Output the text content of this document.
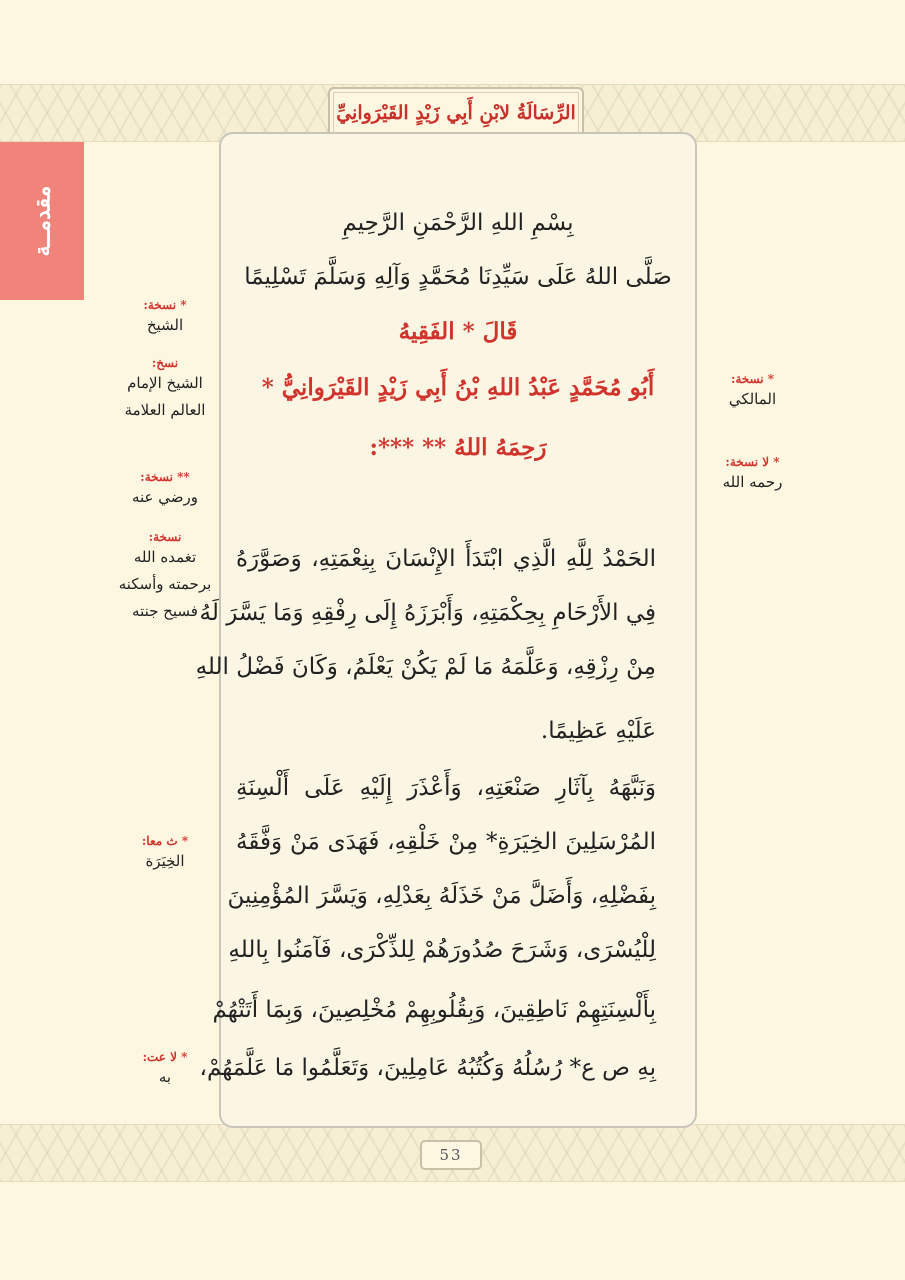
الرِّسَالَةُ لابْنِ أَبِي زَيْدٍ القَيْرَوانِيِّ
مقدمــة	بِسْمِ اللهِ الرَّحْمَنِ الرَّحِيمِ
صَلَّى اللهُ عَلَى سَيِّدِنَا مُحَمَّدٍ وَآلِهِ وَسَلَّمَ تَسْلِيمًا
قَالَ * الفَقِيهُ
أَبُو مُحَمَّدٍ عَبْدُ اللهِ بْنُ أَبِي زَيْدٍ القَيْرَوانِيُّ *
رَحِمَهُ اللهُ ** ***:
الحَمْدُ لِلَّهِ الَّذِي ابْتَدَأَ الإِنْسَانَ بِنِعْمَتِهِ، وَصَوَّرَهُ
فِي الأَرْحَامِ بِحِكْمَتِهِ، وَأَبْرَزَهُ إِلَى رِفْقِهِ وَمَا يَسَّرَ لَهُ
مِنْ رِزْقِهِ، وَعَلَّمَهُ مَا لَمْ يَكُنْ يَعْلَمُ، وَكَانَ فَضْلُ اللهِ
عَلَيْهِ عَظِيمًا.
وَنَبَّهَهُ بِآثَارِ صَنْعَتِهِ، وَأَعْذَرَ إِلَيْهِ عَلَى أَلْسِنَةِ
المُرْسَلِينَ الخِيَرَةِ* مِنْ خَلْقِهِ، فَهَدَى مَنْ وَفَّقَهُ
بِفَضْلِهِ، وَأَضَلَّ مَنْ خَذَلَهُ بِعَدْلِهِ، وَيَسَّرَ المُؤْمِنِينَ
لِلْيُسْرَى، وَشَرَحَ صُدُورَهُمْ لِلذِّكْرَى، فَآمَنُوا بِاللهِ
بِأَلْسِنَتِهِمْ نَاطِقِينَ، وَبِقُلُوبِهِمْ مُخْلِصِينَ، وَبِمَا أَتَتْهُمْ
بِهِ ص ع* رُسُلُهُ وَكُتُبُهُ عَامِلِينَ، وَتَعَلَّمُوا مَا عَلَّمَهُمْ،
* نسخة:
الشيخ
نسخ:
الشيخ الإمام
العالم العلامة
** نسخة:
ورضي عنه
نسخة:
تغمده الله
برحمته وأسكنه
فسيح جنته
* ث معا:
الخِيَرَة
* لا عت:
به
* نسخة:
المالكي
* لا نسخة:
رحمه الله
53
